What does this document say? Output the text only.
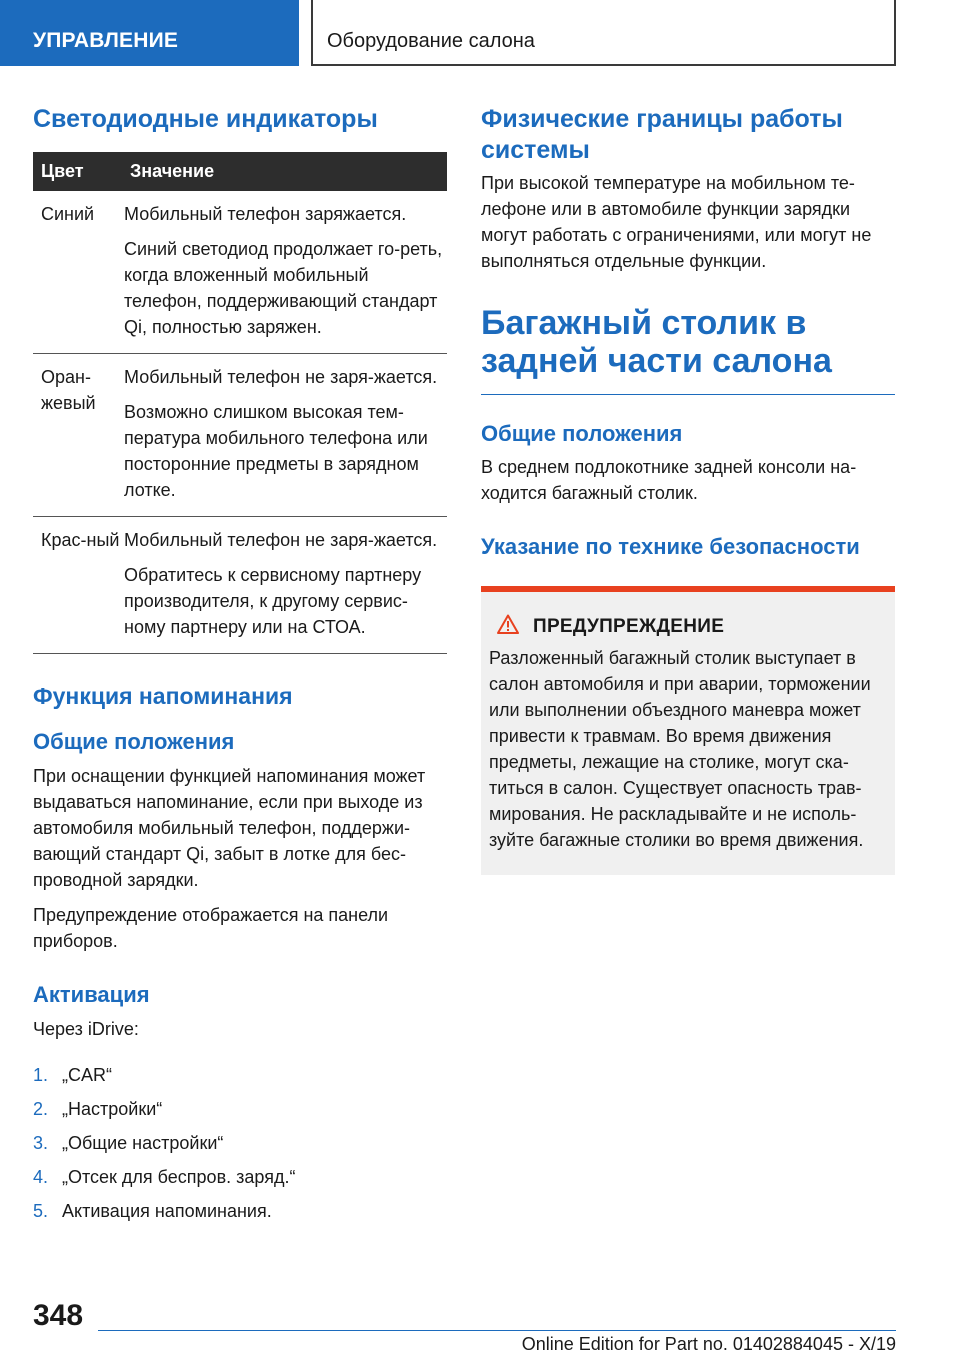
УПРАВЛЕНИЕ	Оборудование салона
Светодиодные индикаторы
Цвет	Значение
Синий	Мобильный телефон заряжается.

Синий светодиод продолжает го-реть, когда вложенный мобильный телефон, поддерживающий стандарт Qi, полностью заряжен.

Оран-жевый	Мобильный телефон не заря-жается.

Возможно слишком высокая тем-пература мобильного телефона или посторонние предметы в зарядном лотке.

Крас-ный	Мобильный телефон не заря-жается.

Обратитесь к сервисному партнеру производителя, к другому сервис-ному партнеру или на СТОА.

Функция напоминания
Общие положения

При оснащении функцией напоминания может выдаваться напоминание, если при выходе из автомобиля мобильный телефон, поддержи-вающий стандарт Qi, забыт в лотке для бес-проводной зарядки.

Предупреждение отображается на панели приборов.

Активация

Через iDrive:

1. „CAR“
2. „Настройки“
3. „Общие настройки“
4. „Отсек для беспров. заряд.“
5. Активация напоминания.
Физические границы работы системы

При высокой температуре на мобильном те-лефоне или в автомобиле функции зарядки могут работать с ограничениями, или могут не выполняться отдельные функции.

Багажный столик в задней части салона
Общие положения

В среднем подлокотнике задней консоли на-ходится багажный столик.

Указание по технике безопасности
ПРЕДУПРЕЖДЕНИЕ

Разложенный багажный столик выступает в салон автомобиля и при аварии, торможении или выполнении объездного маневра может привести к травмам. Во время движения предметы, лежащие на столике, могут ска-титься в салон. Существует опасность трав-мирования. Не раскладывайте и не исполь-зуйте багажные столики во время движения.

348
Online Edition for Part no. 01402884045 - X/19
